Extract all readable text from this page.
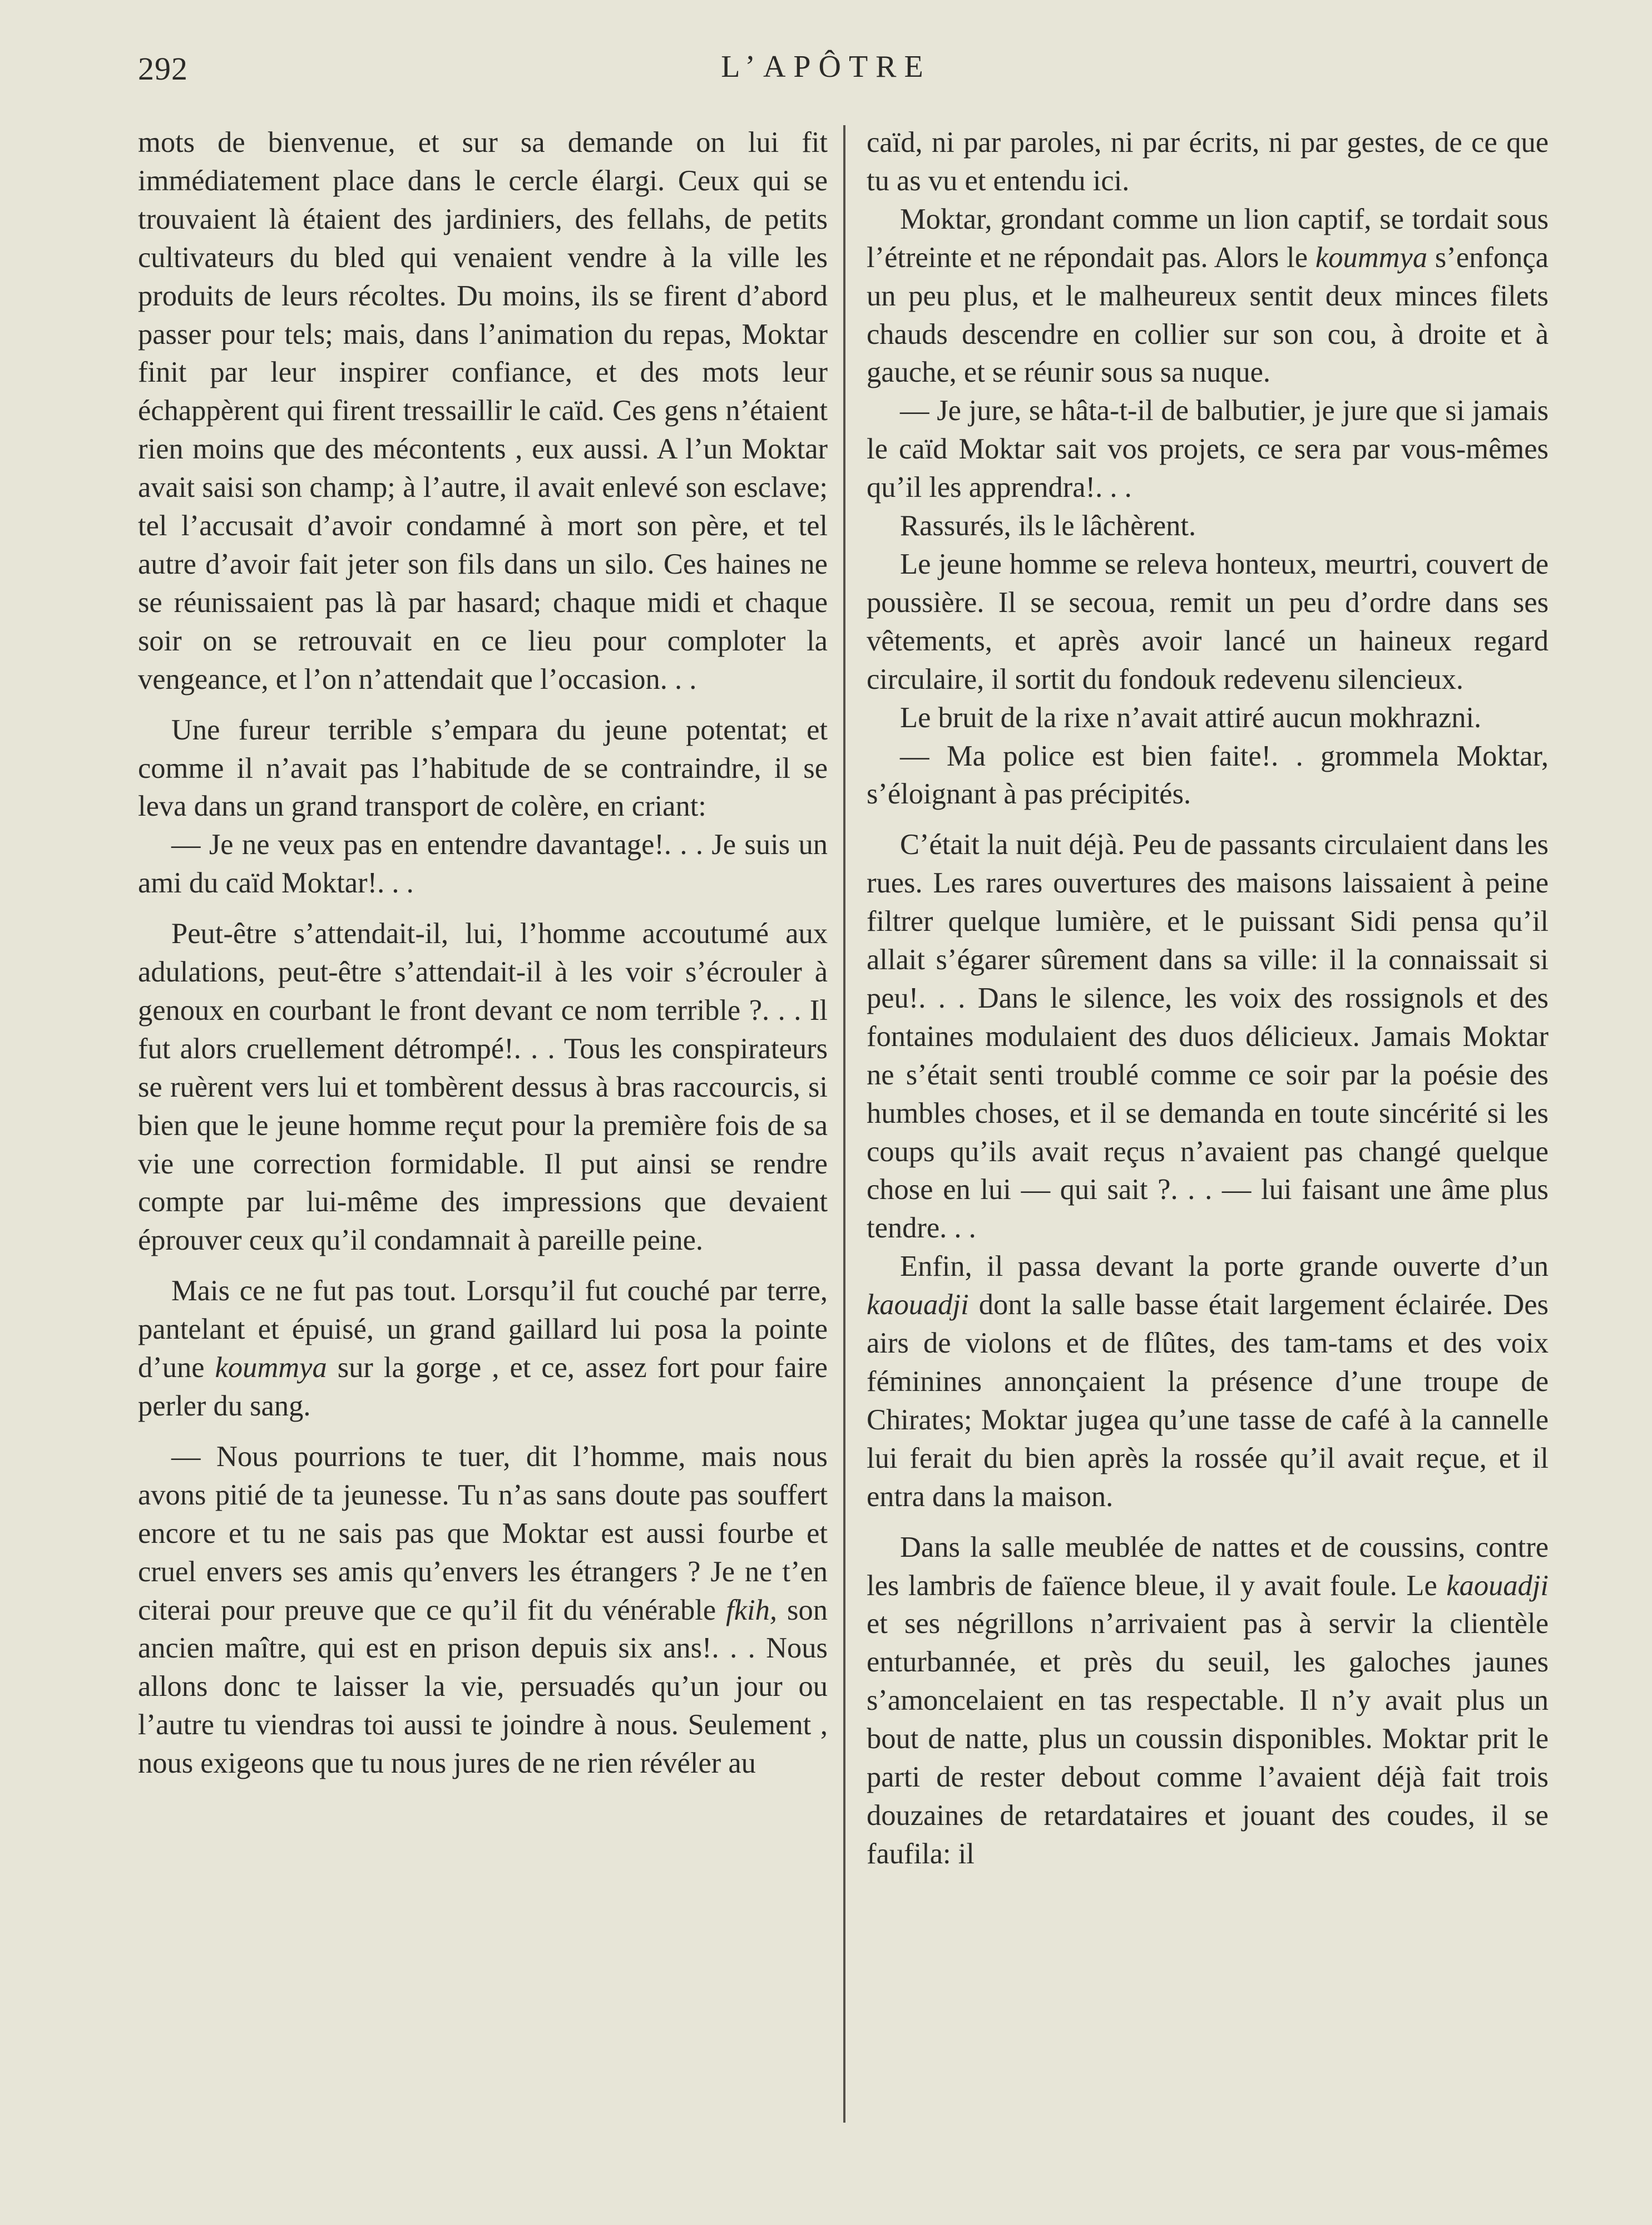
292	L’APÔTRE

mots de bienvenue, et sur sa demande on lui fit immédiatement place dans le cercle élargi. Ceux qui se trouvaient là étaient des jardiniers, des fellahs, de petits cultivateurs du bled qui venaient vendre à la ville les produits de leurs récoltes. Du moins, ils se firent d’abord passer pour tels; mais, dans l’animation du repas, Moktar finit par leur inspirer confiance, et des mots leur échappèrent qui firent tressaillir le caïd. Ces gens n’étaient rien moins que des mécontents , eux aussi. A l’un Moktar avait saisi son champ; à l’autre, il avait enlevé son esclave; tel l’accusait d’avoir condamné à mort son père, et tel autre d’avoir fait jeter son fils dans un silo. Ces haines ne se réunissaient pas là par hasard; chaque midi et chaque soir on se retrouvait en ce lieu pour comploter la vengeance, et l’on n’attendait que l’occasion. . .

Une fureur terrible s’empara du jeune potentat; et comme il n’avait pas l’habitude de se contraindre, il se leva dans un grand transport de colère, en criant:

— Je ne veux pas en entendre davantage!. . . Je suis un ami du caïd Moktar!. . .

Peut-être s’attendait-il, lui, l’homme accoutumé aux adulations, peut-être s’attendait-il à les voir s’écrouler à genoux en courbant le front devant ce nom terrible ?. . . Il fut alors cruellement détrompé!. . . Tous les conspirateurs se ruèrent vers lui et tombèrent dessus à bras raccourcis, si bien que le jeune homme reçut pour la première fois de sa vie une correction formidable. Il put ainsi se rendre compte par lui-même des impressions que devaient éprouver ceux qu’il condamnait à pareille peine.

Mais ce ne fut pas tout. Lorsqu’il fut couché par terre, pantelant et épuisé, un grand gaillard lui posa la pointe d’une koummya sur la gorge , et ce, assez fort pour faire perler du sang.

— Nous pourrions te tuer, dit l’homme, mais nous avons pitié de ta jeunesse. Tu n’as sans doute pas souffert encore et tu ne sais pas que Moktar est aussi fourbe et cruel envers ses amis qu’envers les étrangers ? Je ne t’en citerai pour preuve que ce qu’il fit du vénérable fkih, son ancien maître, qui est en prison depuis six ans!. . . Nous allons donc te laisser la vie, persuadés qu’un jour ou l’autre tu viendras toi aussi te joindre à nous. Seulement , nous exigeons que tu nous jures de ne rien révéler au

caïd, ni par paroles, ni par écrits, ni par gestes, de ce que tu as vu et entendu ici.

Moktar, grondant comme un lion captif, se tordait sous l’étreinte et ne répondait pas. Alors le koummya s’enfonça un peu plus, et le malheureux sentit deux minces filets chauds descendre en collier sur son cou, à droite et à gauche, et se réunir sous sa nuque.

— Je jure, se hâta-t-il de balbutier, je jure que si jamais le caïd Moktar sait vos projets, ce sera par vous-mêmes qu’il les apprendra!. . .

Rassurés, ils le lâchèrent.

Le jeune homme se releva honteux, meurtri, couvert de poussière. Il se secoua, remit un peu d’ordre dans ses vêtements, et après avoir lancé un haineux regard circulaire, il sortit du fondouk redevenu silencieux.

Le bruit de la rixe n’avait attiré aucun mokhrazni.

— Ma police est bien faite!. . grommela Moktar, s’éloignant à pas précipités.

C’était la nuit déjà. Peu de passants circulaient dans les rues. Les rares ouvertures des maisons laissaient à peine filtrer quelque lumière, et le puissant Sidi pensa qu’il allait s’égarer sûrement dans sa ville: il la connaissait si peu!. . . Dans le silence, les voix des rossignols et des fontaines modulaient des duos délicieux. Jamais Moktar ne s’était senti troublé comme ce soir par la poésie des humbles choses, et il se demanda en toute sincérité si les coups qu’ils avait reçus n’avaient pas changé quelque chose en lui — qui sait ?. . . — lui faisant une âme plus tendre. . .

Enfin, il passa devant la porte grande ouverte d’un kaouadji dont la salle basse était largement éclairée. Des airs de violons et de flûtes, des tam-tams et des voix féminines annonçaient la présence d’une troupe de Chirates; Moktar jugea qu’une tasse de café à la cannelle lui ferait du bien après la rossée qu’il avait reçue, et il entra dans la maison.

Dans la salle meublée de nattes et de coussins, contre les lambris de faïence bleue, il y avait foule. Le kaouadji et ses négrillons n’arrivaient pas à servir la clientèle enturbannée, et près du seuil, les galoches jaunes s’amoncelaient en tas respectable. Il n’y avait plus un bout de natte, plus un coussin disponibles. Moktar prit le parti de rester debout comme l’avaient déjà fait trois douzaines de retardataires et jouant des coudes, il se faufila: il
